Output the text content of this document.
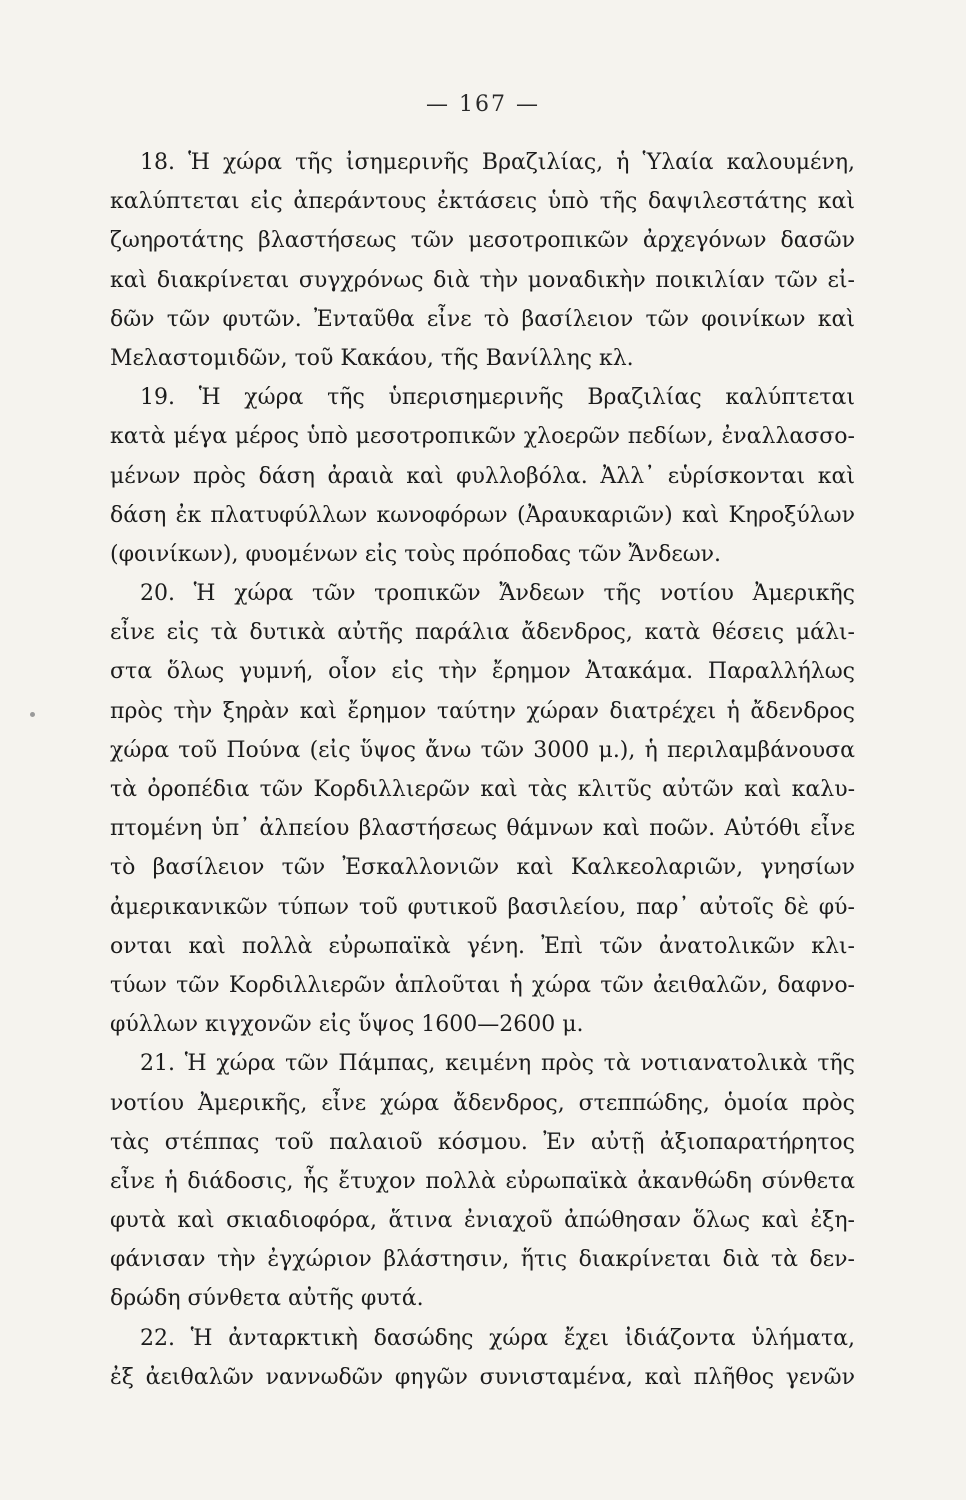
— 167 —
18. Ἡ χώρα τῆς ἰσημερινῆς Βραζιλίας, ἡ Ὑλαία καλουμένη,
καλύπτεται εἰς ἀπεράντους ἐκτάσεις ὑπὸ τῆς δαψιλεστάτης καὶ
ζωηροτάτης βλαστήσεως τῶν μεσοτροπικῶν ἀρχεγόνων δασῶν
καὶ διακρίνεται συγχρόνως διὰ τὴν μοναδικὴν ποικιλίαν τῶν εἰ-
δῶν τῶν φυτῶν. Ἐνταῦθα εἶνε τὸ βασίλειον τῶν φοινίκων καὶ
Μελαστομιδῶν, τοῦ Κακάου, τῆς Βανίλλης κλ.
19. Ἡ χώρα τῆς ὑπερισημερινῆς Βραζιλίας καλύπτεται
κατὰ μέγα μέρος ὑπὸ μεσοτροπικῶν χλοερῶν πεδίων, ἐναλλασσο-
μένων πρὸς δάση ἀραιὰ καὶ φυλλοβόλα. Ἀλλ᾽ εὑρίσκονται καὶ
δάση ἐκ πλατυφύλλων κωνοφόρων (Ἀραυκαριῶν) καὶ Κηροξύλων
(φοινίκων), φυομένων εἰς τοὺς πρόποδας τῶν Ἄνδεων.
20. Ἡ χώρα τῶν τροπικῶν Ἄνδεων τῆς νοτίου Ἀμερικῆς
εἶνε εἰς τὰ δυτικὰ αὐτῆς παράλια ἄδενδρος, κατὰ θέσεις μάλι-
στα ὅλως γυμνή, οἷον εἰς τὴν ἔρημον Ἀτακάμα. Παραλλήλως
πρὸς τὴν ξηρὰν καὶ ἔρημον ταύτην χώραν διατρέχει ἡ ἄδενδρος
χώρα τοῦ Πούνα (εἰς ὕψος ἄνω τῶν 3000 μ.), ἡ περιλαμβάνουσα
τὰ ὀροπέδια τῶν Κορδιλλιερῶν καὶ τὰς κλιτῦς αὐτῶν καὶ καλυ-
πτομένη ὑπ᾽ ἀλπείου βλαστήσεως θάμνων καὶ ποῶν. Αὐτόθι εἶνε
τὸ βασίλειον τῶν Ἐσκαλλονιῶν καὶ Καλκεολαριῶν, γνησίων
ἀμερικανικῶν τύπων τοῦ φυτικοῦ βασιλείου, παρ᾽ αὐτοῖς δὲ φύ-
ονται καὶ πολλὰ εὐρωπαϊκὰ γένη. Ἐπὶ τῶν ἀνατολικῶν κλι-
τύων τῶν Κορδιλλιερῶν ἁπλοῦται ἡ χώρα τῶν ἀειθαλῶν, δαφνο-
φύλλων κιγχονῶν εἰς ὕψος 1600—2600 μ.
21. Ἡ χώρα τῶν Πάμπας, κειμένη πρὸς τὰ νοτιανατολικὰ τῆς
νοτίου Ἀμερικῆς, εἶνε χώρα ἄδενδρος, στεππώδης, ὁμοία πρὸς
τὰς στέππας τοῦ παλαιοῦ κόσμου. Ἐν αὐτῇ ἀξιοπαρατήρητος
εἶνε ἡ διάδοσις, ἧς ἔτυχον πολλὰ εὐρωπαϊκὰ ἀκανθώδη σύνθετα
φυτὰ καὶ σκιαδιοφόρα, ἅτινα ἐνιαχοῦ ἀπώθησαν ὅλως καὶ ἐξη-
φάνισαν τὴν ἐγχώριον βλάστησιν, ἥτις διακρίνεται διὰ τὰ δεν-
δρώδη σύνθετα αὐτῆς φυτά.
22. Ἡ ἀνταρκτικὴ δασώδης χώρα ἔχει ἰδιάζοντα ὑλήματα,
ἐξ ἀειθαλῶν ναννωδῶν φηγῶν συνισταμένα, καὶ πλῆθος γενῶν
